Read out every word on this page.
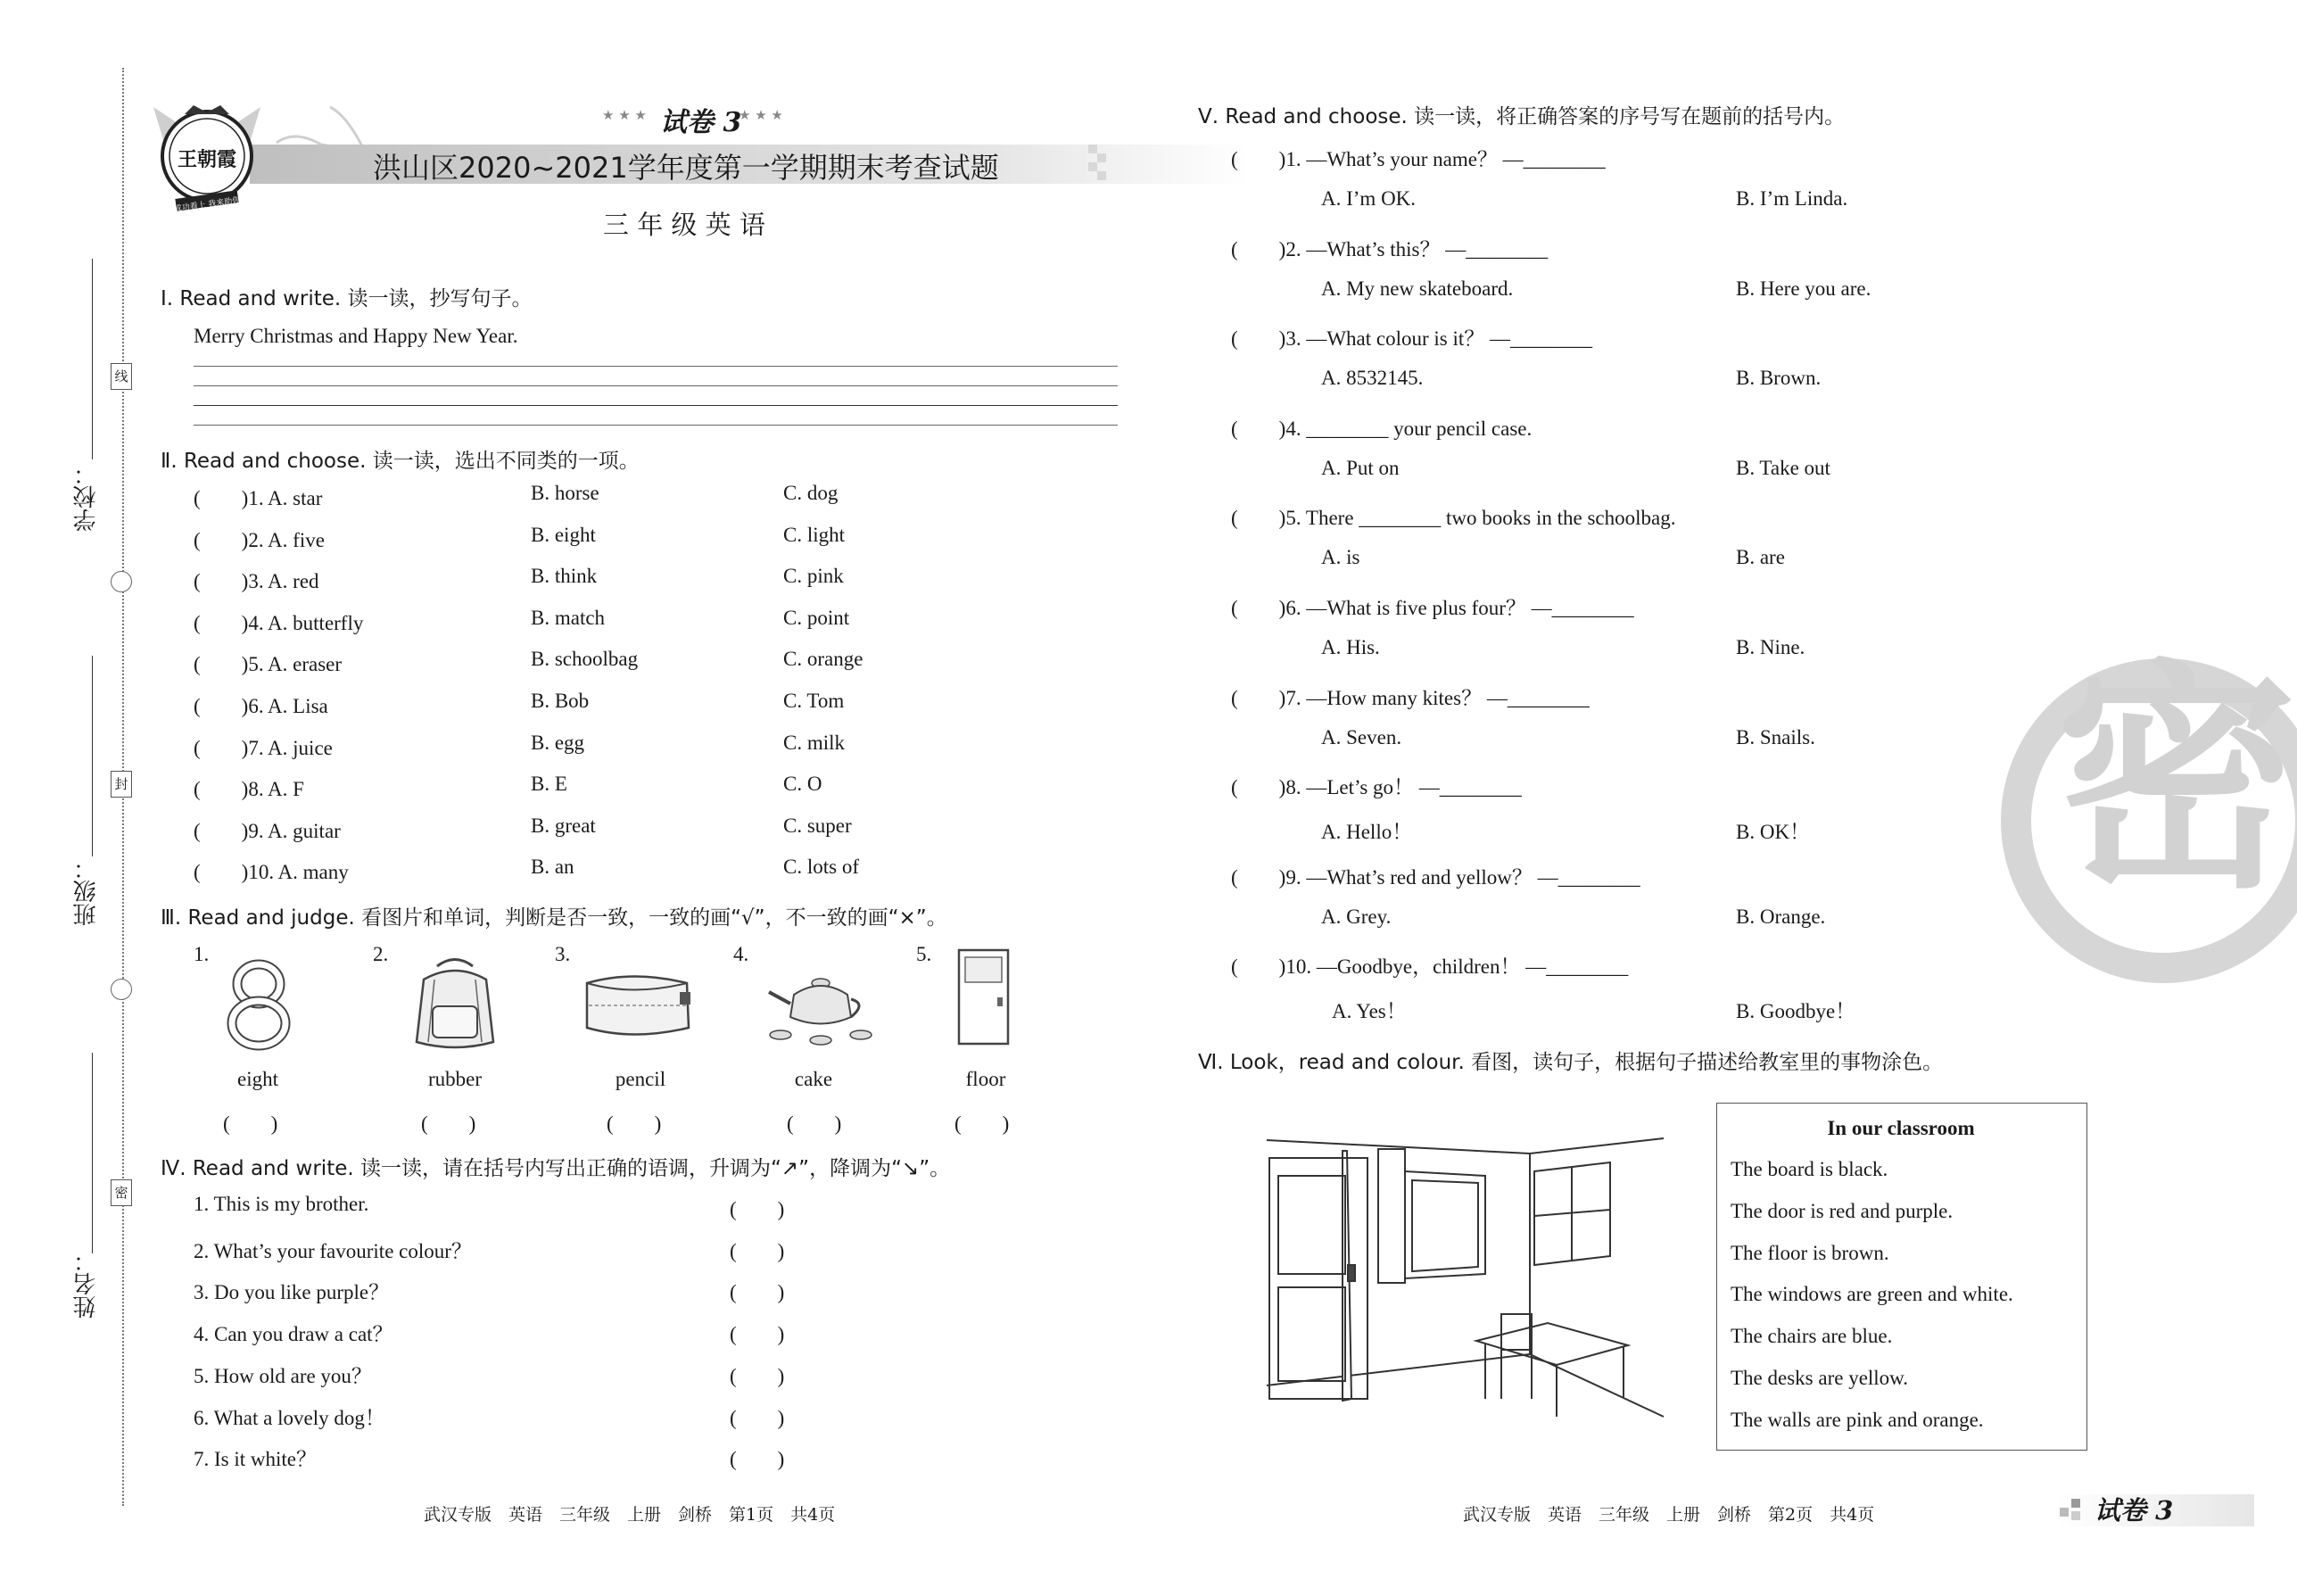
学校：
班级：
姓名：
线
封
密
王朝霞
成功看上 我来助你
★ ★ ★ 试卷 3
★ ★ ★
洪山区2020~2021学年度第一学期期末考查试题
三 年 级 英 语
Ⅰ. Read and write. 读一读，抄写句子。
Merry Christmas and Happy New Year.
Ⅱ. Read and choose. 读一读，选出不同类的一项。
(　　)1. A. star	B. horse	C. dog
(　　)2. A. five	B. eight	C. light
(　　)3. A. red	B. think	C. pink
(　　)4. A. butterfly	B. match	C. point
(　　)5. A. eraser	B. schoolbag	C. orange
(　　)6. A. Lisa	B. Bob	C. Tom
(　　)7. A. juice	B. egg	C. milk
(　　)8. A. F	B. E	C. O
(　　)9. A. guitar	B. great	C. super
(　　)10. A. many	B. an	C. lots of
Ⅲ. Read and judge. 看图片和单词，判断是否一致，一致的画“√”，不一致的画“×”。
1.
eight
(　　)
2.
rubber
(　　)
3.
pencil
(　　)
4.
cake
(　　)
5.
floor
(　　)
Ⅳ. Read and write. 读一读，请在括号内写出正确的语调，升调为“↗”，降调为“↘”。
1. This is my brother.	(　　)
2. What’s your favourite colour？	(　　)
3. Do you like purple？	(　　)
4. Can you draw a cat？	(　　)
5. How old are you？	(　　)
6. What a lovely dog！	(　　)
7. Is it white？	(　　)
Ⅴ. Read and choose. 读一读，将正确答案的序号写在题前的括号内。
(　　)1. —What’s your name？ —________
A. I’m OK.	B. I’m Linda.
(　　)2. —What’s this？ —________
A. My new skateboard.	B. Here you are.
(　　)3. —What colour is it？ —________
A. 8532145.	B. Brown.
(　　)4. ________ your pencil case.
A. Put on	B. Take out
(　　)5. There ________ two books in the schoolbag.
A. is	B. are
(　　)6. —What is five plus four？ —________
A. His.	B. Nine.
(　　)7. —How many kites？ —________
A. Seven.	B. Snails.
(　　)8. —Let’s go！ —________
A. Hello！	B. OK！
(　　)9. —What’s red and yellow？ —________
A. Grey.	B. Orange.
(　　)10. —Goodbye，children！ —________
A. Yes！	B. Goodbye！
Ⅵ. Look，read and colour. 看图，读句子，根据句子描述给教室里的事物涂色。
In our classroom
The board is black.
The door is red and purple.
The floor is brown.
The windows are green and white.
The chairs are blue.
The desks are yellow.
The walls are pink and orange.
密
武汉专版　英语　三年级　上册　剑桥　第1页　共4页	武汉专版　英语　三年级　上册　剑桥　第2页　共4页	试卷 3
